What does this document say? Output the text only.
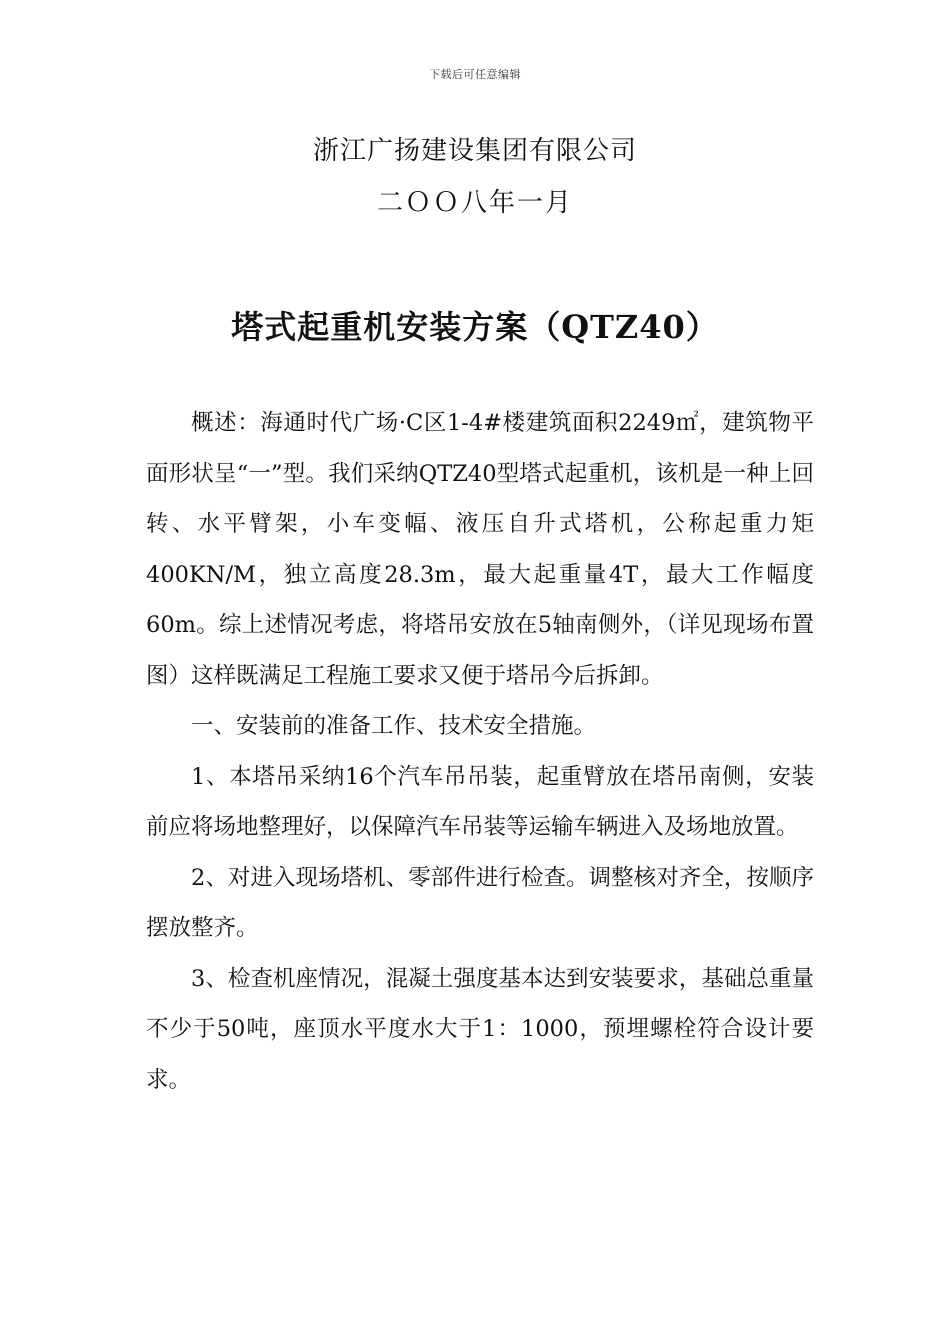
下载后可任意编辑
浙江广扬建设集团有限公司
二ＯＯ八年一月
塔式起重机安装方案（QTZ40）

概述：海通时代广场·C区1-4#楼建筑面积2249㎡，建筑物平面形状呈“一”型。我们采纳QTZ40型塔式起重机，该机是一种上回转、水平臂架，小车变幅、液压自升式塔机，公称起重力矩400KN/M，独立高度28.3m，最大起重量4T，最大工作幅度60m。综上述情况考虑，将塔吊安放在5轴南侧外，（详见现场布置图）这样既满足工程施工要求又便于塔吊今后拆卸。

一、安装前的准备工作、技术安全措施。

1、本塔吊采纳16个汽车吊吊装，起重臂放在塔吊南侧，安装前应将场地整理好，以保障汽车吊装等运输车辆进入及场地放置。

2、对进入现场塔机、零部件进行检查。调整核对齐全，按顺序摆放整齐。

3、检查机座情况，混凝土强度基本达到安装要求，基础总重量不少于50吨，座顶水平度水大于1：1000，预埋螺栓符合设计要求。
